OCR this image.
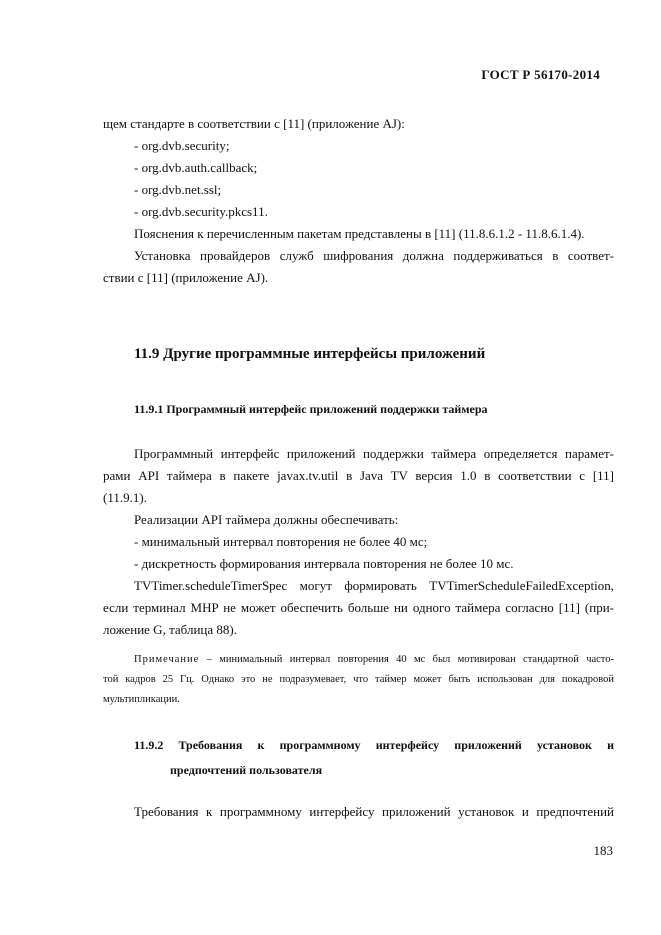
ГОСТ Р 56170-2014
щем стандарте в соответствии с [11] (приложение AJ):
- org.dvb.security;
- org.dvb.auth.callback;
- org.dvb.net.ssl;
- org.dvb.security.pkcs11.
Пояснения к перечисленным пакетам представлены в [11] (11.8.6.1.2 - 11.8.6.1.4).
Установка провайдеров служб шифрования должна поддерживаться в соответ-
ствии с [11] (приложение AJ).
11.9 Другие программные интерфейсы приложений
11.9.1 Программный интерфейс приложений поддержки таймера
Программный интерфейс приложений поддержки таймера определяется парамет-
рами API таймера в пакете javax.tv.util в Java TV версия 1.0 в соответствии с [11]
(11.9.1).
Реализации API таймера должны обеспечивать:
- минимальный интервал повторения не более 40 мс;
- дискретность формирования интервала повторения не более 10 мс.
TVTimer.scheduleTimerSpec могут формировать TVTimerScheduleFailedException,
если терминал MHP не может обеспечить больше ни одного таймера согласно [11] (при-
ложение G, таблица 88).
Примечание – минимальный интервал повторения 40 мс был мотивирован стандартной часто-
той кадров 25 Гц. Однако это не подразумевает, что таймер может быть использован для покадровой
мультипликации.
11.9.2 Требования к программному интерфейсу приложений установок и
предпочтений пользователя
Требования к программному интерфейсу приложений установок и предпочтений
183
